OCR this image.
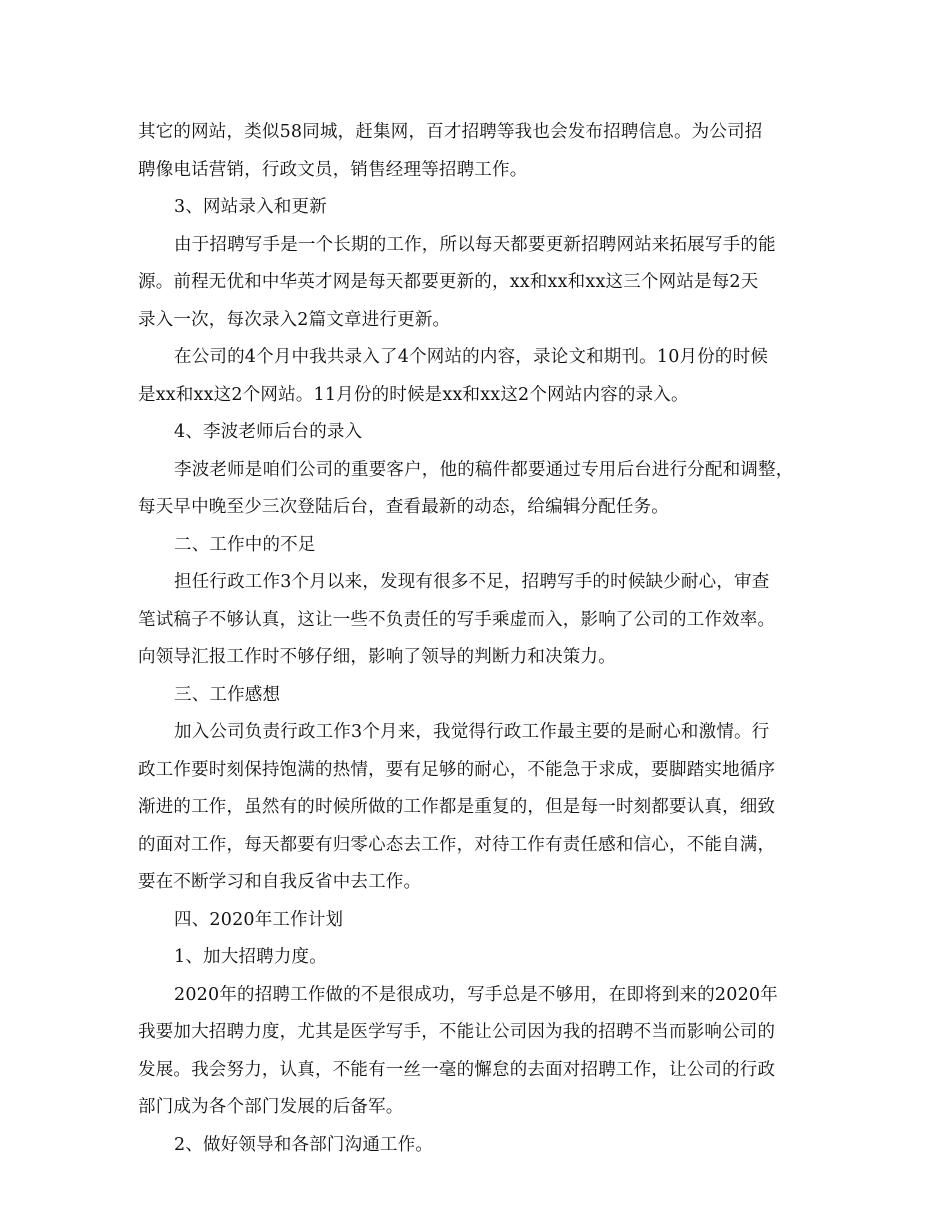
其它的网站，类似58同城，赶集网，百才招聘等我也会发布招聘信息。为公司招
聘像电话营销，行政文员，销售经理等招聘工作。
3、网站录入和更新
由于招聘写手是一个长期的工作，所以每天都要更新招聘网站来拓展写手的能
源。前程无优和中华英才网是每天都要更新的，xx和xx和xx这三个网站是每2天
录入一次，每次录入2篇文章进行更新。
在公司的4个月中我共录入了4个网站的内容，录论文和期刊。10月份的时候
是xx和xx这2个网站。11月份的时候是xx和xx这2个网站内容的录入。
4、李波老师后台的录入
李波老师是咱们公司的重要客户，他的稿件都要通过专用后台进行分配和调整，
每天早中晚至少三次登陆后台，查看最新的动态，给编辑分配任务。
二、工作中的不足
担任行政工作3个月以来，发现有很多不足，招聘写手的时候缺少耐心，审查
笔试稿子不够认真，这让一些不负责任的写手乘虚而入，影响了公司的工作效率。
向领导汇报工作时不够仔细，影响了领导的判断力和决策力。
三、工作感想
加入公司负责行政工作3个月来，我觉得行政工作最主要的是耐心和激情。行
政工作要时刻保持饱满的热情，要有足够的耐心，不能急于求成，要脚踏实地循序
渐进的工作，虽然有的时候所做的工作都是重复的，但是每一时刻都要认真，细致
的面对工作，每天都要有归零心态去工作，对待工作有责任感和信心，不能自满，
要在不断学习和自我反省中去工作。
四、2020年工作计划
1、加大招聘力度。
2020年的招聘工作做的不是很成功，写手总是不够用，在即将到来的2020年
我要加大招聘力度，尤其是医学写手，不能让公司因为我的招聘不当而影响公司的
发展。我会努力，认真，不能有一丝一毫的懈怠的去面对招聘工作，让公司的行政
部门成为各个部门发展的后备军。
2、做好领导和各部门沟通工作。
